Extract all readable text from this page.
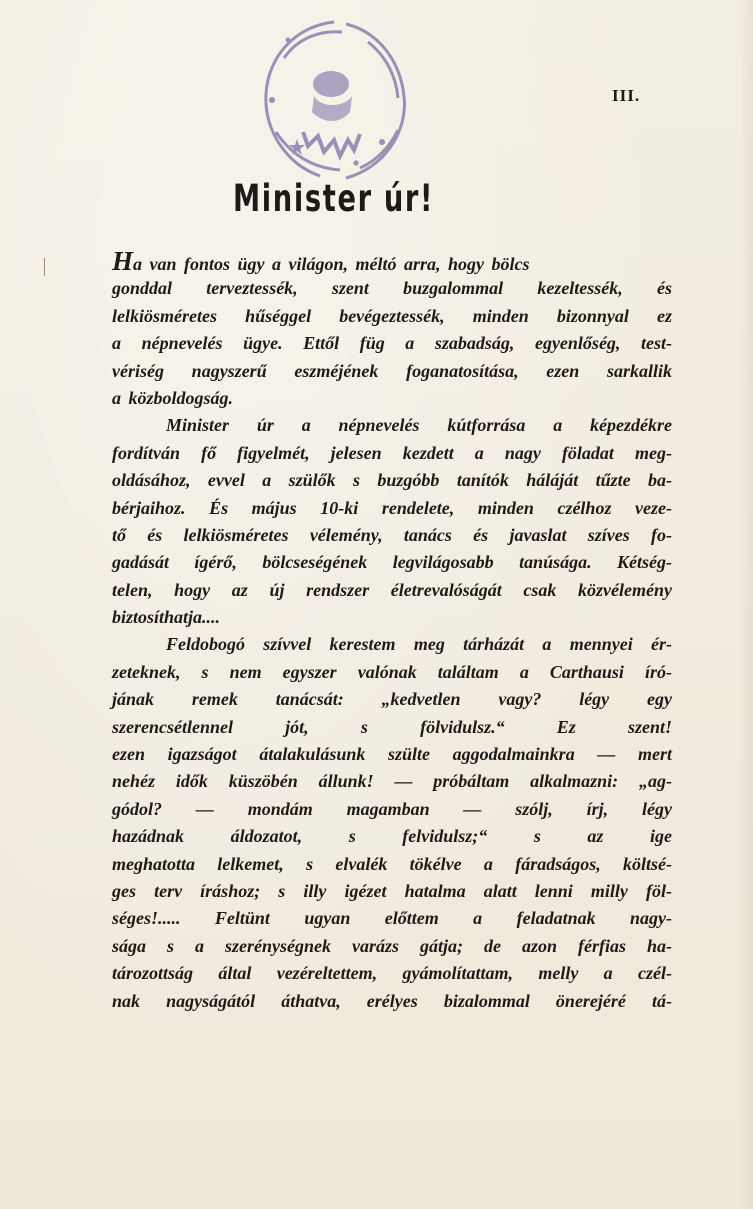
III.
Minister úr!
Ha van fontos ügy a világon, méltó arra, hogy bölcs
gonddal terveztessék, szent buzgalommal kezeltessék, és
lelkiösméretes hűséggel bevégeztessék, minden bizonnyal ez
a népnevelés ügye. Ettől füg a szabadság, egyenlőség, test-
vériség nagyszerű eszméjének foganatosítása, ezen sarkallik
a közboldogság.
Minister úr a népnevelés kútforrása a képezdékre
fordítván fő figyelmét, jelesen kezdett a nagy föladat meg-
oldásához, evvel a szülők s buzgóbb tanítók háláját tűzte ba-
bérjaihoz. És május 10-ki rendelete, minden czélhoz veze-
tő és lelkiösméretes vélemény, tanács és javaslat szíves fo-
gadását ígérő, bölcseségének legvilágosabb tanúsága. Kétség-
telen, hogy az új rendszer életrevalóságát csak közvélemény
biztosíthatja....
Feldobogó szívvel kerestem meg tárházát a mennyei ér-
zeteknek, s nem egyszer valónak találtam a Carthausi író-
jának remek tanácsát: „kedvetlen vagy? légy egy
szerencsétlennel jót, s fölvidulsz.“ Ez szent!
ezen igazságot átalakulásunk szülte aggodalmainkra — mert
nehéz idők küszöbén állunk! — próbáltam alkalmazni: „ag-
gódol? — mondám magamban — szólj, írj, légy
hazádnak áldozatot, s felvidulsz;“ s az ige
meghatotta lelkemet, s elvalék tökélve a fáradságos, költsé-
ges terv íráshoz; s illy igézet hatalma alatt lenni milly föl-
séges!..... Feltünt ugyan előttem a feladatnak nagy-
sága s a szerénységnek varázs gátja; de azon férfias ha-
tározottság által vezéreltettem, gyámolítattam, melly a czél-
nak nagyságától áthatva, erélyes bizalommal önerejéré tá-
